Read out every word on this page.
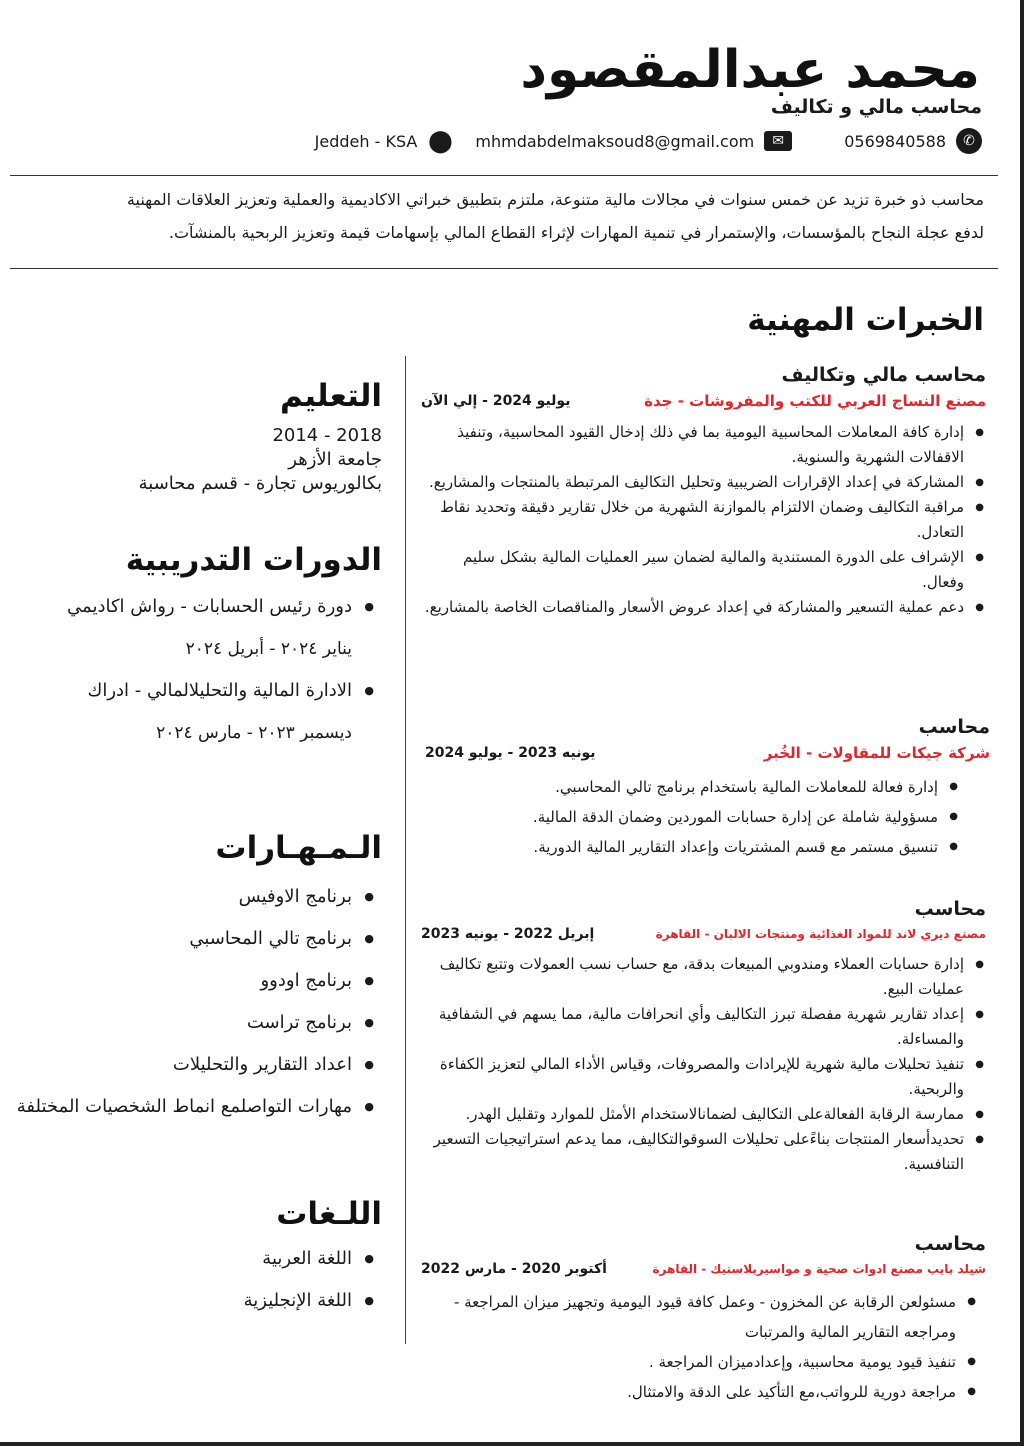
محمد عبدالمقصود
محاسب مالي و تكاليف
✆
0569840588
✉
mhmdabdelmaksoud8@gmail.com
⬤
Jeddeh - KSA
محاسب ذو خبرة تزيد عن خمس سنوات في مجالات مالية متنوعة، ملتزم بتطبيق خبراتي الاكاديمية والعملية وتعزيز العلاقات المهنية
لدفع عجلة النجاح بالمؤسسات، والإستمرار في تنمية المهارات لإثراء القطاع المالي بإسهامات قيمة وتعزيز الربحية بالمنشآت.
الخبرات المهنية
محاسب مالي وتكاليف
مصنع النساج العربي للكتب والمفروشات - جدة
يوليو 2024 - إلي الآن
● إدارة كافة المعاملات المحاسبية اليومية بما في ذلك إدخال القيود المحاسبية، وتنفيذ الاقفالات الشهرية والسنوية.
● المشاركة في إعداد الإقرارات الضريبية وتحليل التكاليف المرتبطة بالمنتجات والمشاريع.
● مراقبة التكاليف وضمان الالتزام بالموازنة الشهرية من خلال تقارير دقيقة وتحديد نقاط التعادل.
● الإشراف على الدورة المستندية والمالية لضمان سير العمليات المالية بشكل سليم وفعال.
● دعم عملية التسعير والمشاركة في إعداد عروض الأسعار والمناقصات الخاصة بالمشاريع.
محاسب
شركة جيكات للمقاولات - الخُبر
يونيه 2023 - يوليو 2024
● إدارة فعالة للمعاملات المالية باستخدام برنامج تالي المحاسبي.
● مسؤولية شاملة عن إدارة حسابات الموردين وضمان الدقة المالية.
● تنسيق مستمر مع قسم المشتريات وإعداد التقارير المالية الدورية.
محاسب
مصنع ديري لاند للمواد الغذائية ومنتجات الالبان - القاهرة
إبريل 2022 - يونيه 2023
● إدارة حسابات العملاء ومندوبي المبيعات بدقة، مع حساب نسب العمولات وتتبع تكاليف عمليات البيع.
● إعداد تقارير شهرية مفصلة تبرز التكاليف وأي انحرافات مالية، مما يسهم في الشفافية والمساءلة.
● تنفيذ تحليلات مالية شهرية للإيرادات والمصروفات، وقياس الأداء المالي لتعزيز الكفاءة والربحية.
● ممارسة الرقابة الفعالةعلى التكاليف لضمانالاستخدام الأمثل للموارد وتقليل الهدر.
● تحديدأسعار المنتجات بناءًعلى تحليلات السوقوالتكاليف، مما يدعم استراتيجيات التسعير التنافسية.
محاسب
شيلد بايب مصنع ادوات صحية و مواسيربلاستيك - القاهرة
أكتوبر 2020 - مارس 2022
● مسئولعن الرقابة عن المخزون - وعمل كافة قيود اليومية وتجهيز ميزان المراجعة - ومراجعه التقارير المالية والمرتبات
● تنفيذ قيود يومية محاسبية، وإعدادميزان المراجعة .
● مراجعة دورية للرواتب،مع التأكيد على الدقة والامتثال.
التعليم
2014 - 2018
جامعة الأزهر
بكالوريوس تجارة - قسم محاسبة
الدورات التدريبية
● دورة رئيس الحسابات - رواش اكاديمي
يناير ٢٠٢٤ - أبريل ٢٠٢٤
● الادارة المالية والتحليلالمالي - ادراك
ديسمبر ٢٠٢٣ - مارس ٢٠٢٤
الـمـهـارات
● برنامج الاوفيس
● برنامج تالي المحاسبي
● برنامج اودوو
● برنامج تراست
● اعداد التقارير والتحليلات
● مهارات التواصلمع انماط الشخصيات المختلفة
اللـغات
● اللغة العربية
● اللغة الإنجليزية
